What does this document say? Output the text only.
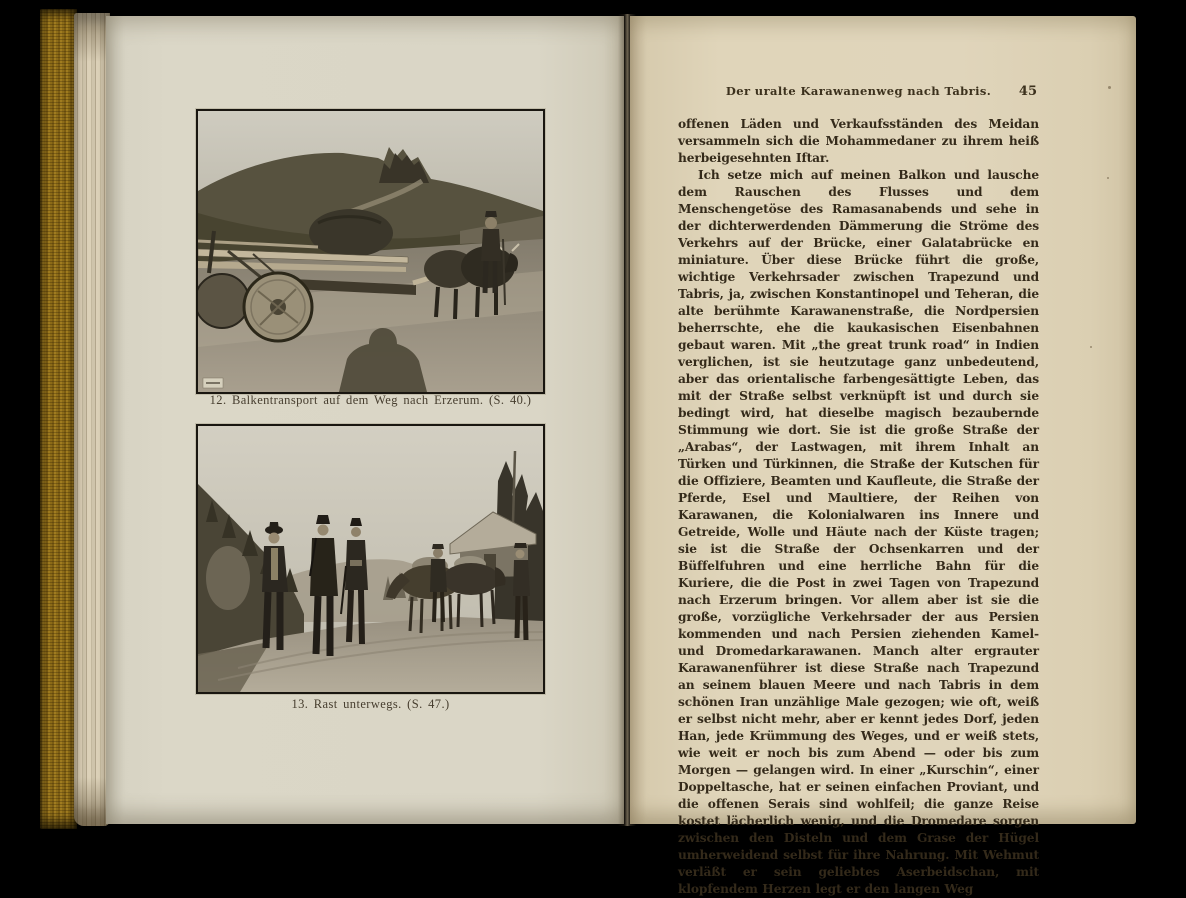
12. Balkentransport auf dem Weg nach Erzerum. (S. 40.)
13. Rast unterwegs. (S. 47.)
Der uralte Karawanenweg nach Tabris.	45

offenen Läden und Verkaufsständen des Meidan versammeln sich die Mohammedaner zu ihrem heiß herbeigesehnten Iftar.

Ich setze mich auf meinen Balkon und lausche dem Rauschen des Flusses und dem Menschengetöse des Ramasanabends und sehe in der dichterwerdenden Dämmerung die Ströme des Verkehrs auf der Brücke, einer Galatabrücke en miniature. Über diese Brücke führt die große, wichtige Verkehrsader zwischen Trapezund und Tabris, ja, zwischen Konstantinopel und Teheran, die alte berühmte Karawanenstraße, die Nordpersien beherrschte, ehe die kaukasischen Eisenbahnen gebaut waren. Mit „the great trunk road“ in Indien verglichen, ist sie heutzutage ganz unbedeutend, aber das orientalische farbengesättigte Leben, das mit der Straße selbst verknüpft ist und durch sie bedingt wird, hat dieselbe magisch bezaubernde Stimmung wie dort. Sie ist die große Straße der „Arabas“, der Lastwagen, mit ihrem Inhalt an Türken und Türkinnen, die Straße der Kutschen für die Offiziere, Beamten und Kaufleute, die Straße der Pferde, Esel und Maultiere, der Reihen von Karawanen, die Kolonialwaren ins Innere und Getreide, Wolle und Häute nach der Küste tragen; sie ist die Straße der Ochsenkarren und der Büffelfuhren und eine herrliche Bahn für die Kuriere, die die Post in zwei Tagen von Trapezund nach Erzerum bringen. Vor allem aber ist sie die große, vorzügliche Verkehrsader der aus Persien kommenden und nach Persien ziehenden Kamel- und Dromedarkarawanen. Manch alter ergrauter Karawanenführer ist diese Straße nach Trapezund an seinem blauen Meere und nach Tabris in dem schönen Iran unzählige Male gezogen; wie oft, weiß er selbst nicht mehr, aber er kennt jedes Dorf, jeden Han, jede Krümmung des Weges, und er weiß stets, wie weit er noch bis zum Abend — oder bis zum Morgen — gelangen wird. In einer „Kurschin“, einer Doppeltasche, hat er seinen einfachen Proviant, und die offenen Serais sind wohlfeil; die ganze Reise kostet lächerlich wenig, und die Dromedare sorgen zwischen den Disteln und dem Grase der Hügel umherweidend selbst für ihre Nahrung. Mit Wehmut verläßt er sein geliebtes Aserbeidschan, mit klopfendem Herzen legt er den langen Weg
